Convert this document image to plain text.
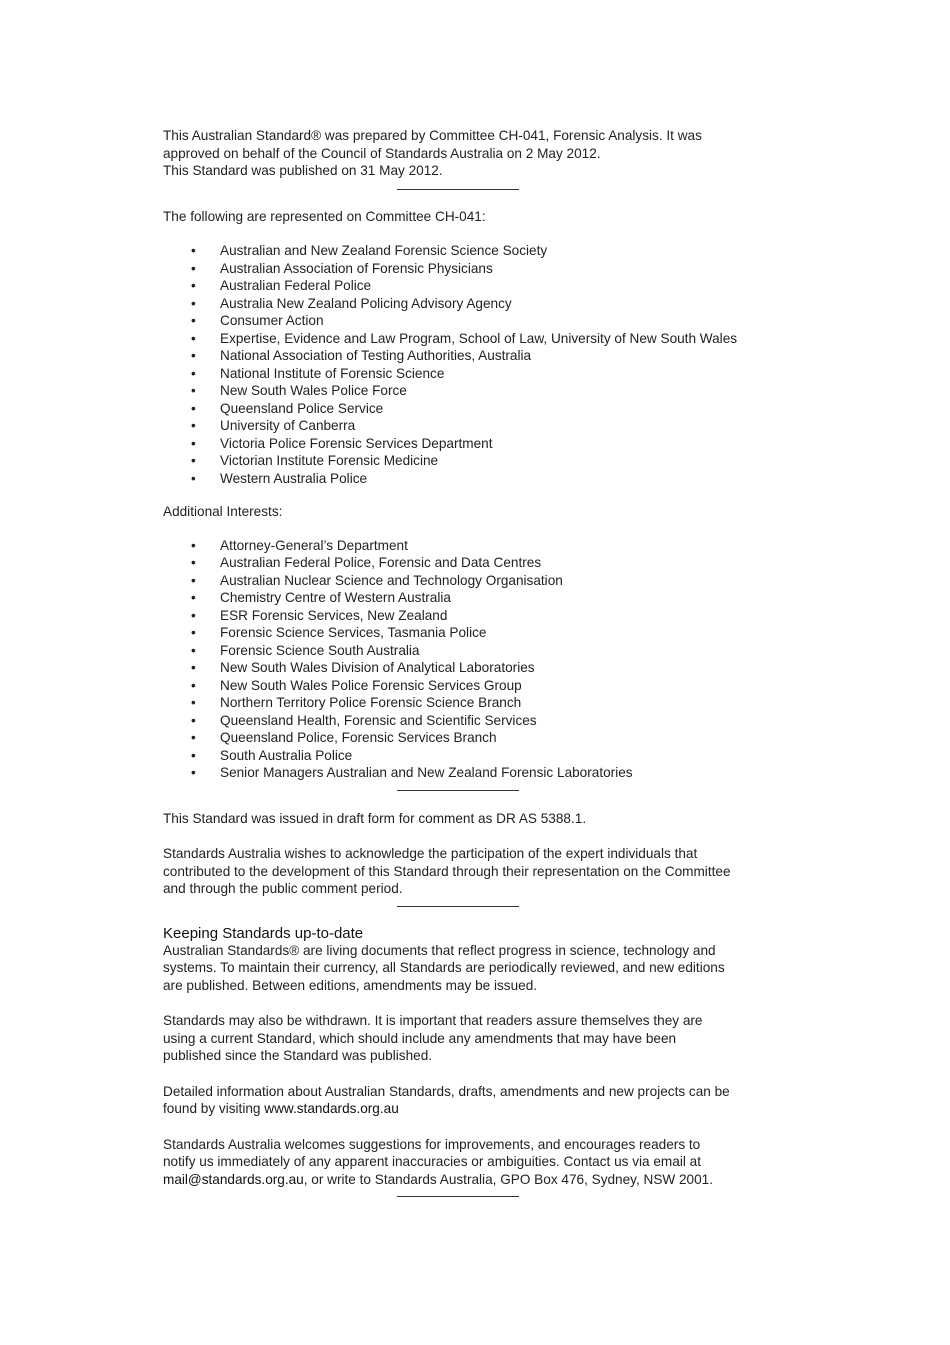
This Australian Standard® was prepared by Committee CH-041, Forensic Analysis. It was

approved on behalf of the Council of Standards Australia on 2 May 2012.

This Standard was published on 31 May 2012.

The following are represented on Committee CH-041:

• Australian and New Zealand Forensic Science Society
• Australian Association of Forensic Physicians
• Australian Federal Police
• Australia New Zealand Policing Advisory Agency
• Consumer Action
• Expertise, Evidence and Law Program, School of Law, University of New South Wales
• National Association of Testing Authorities, Australia
• National Institute of Forensic Science
• New South Wales Police Force
• Queensland Police Service
• University of Canberra
• Victoria Police Forensic Services Department
• Victorian Institute Forensic Medicine
• Western Australia Police

Additional Interests:

• Attorney-General’s Department
• Australian Federal Police, Forensic and Data Centres
• Australian Nuclear Science and Technology Organisation
• Chemistry Centre of Western Australia
• ESR Forensic Services, New Zealand
• Forensic Science Services, Tasmania Police
• Forensic Science South Australia
• New South Wales Division of Analytical Laboratories
• New South Wales Police Forensic Services Group
• Northern Territory Police Forensic Science Branch
• Queensland Health, Forensic and Scientific Services
• Queensland Police, Forensic Services Branch
• South Australia Police
• Senior Managers Australian and New Zealand Forensic Laboratories

This Standard was issued in draft form for comment as DR AS 5388.1.

Standards Australia wishes to acknowledge the participation of the expert individuals that

contributed to the development of this Standard through their representation on the Committee

and through the public comment period.

Keeping Standards up-to-date

Australian Standards® are living documents that reflect progress in science, technology and

systems. To maintain their currency, all Standards are periodically reviewed, and new editions

are published. Between editions, amendments may be issued.

Standards may also be withdrawn. It is important that readers assure themselves they are

using a current Standard, which should include any amendments that may have been

published since the Standard was published.

Detailed information about Australian Standards, drafts, amendments and new projects can be

found by visiting www.standards.org.au

Standards Australia welcomes suggestions for improvements, and encourages readers to

notify us immediately of any apparent inaccuracies or ambiguities. Contact us via email at

mail@standards.org.au, or write to Standards Australia, GPO Box 476, Sydney, NSW 2001.
